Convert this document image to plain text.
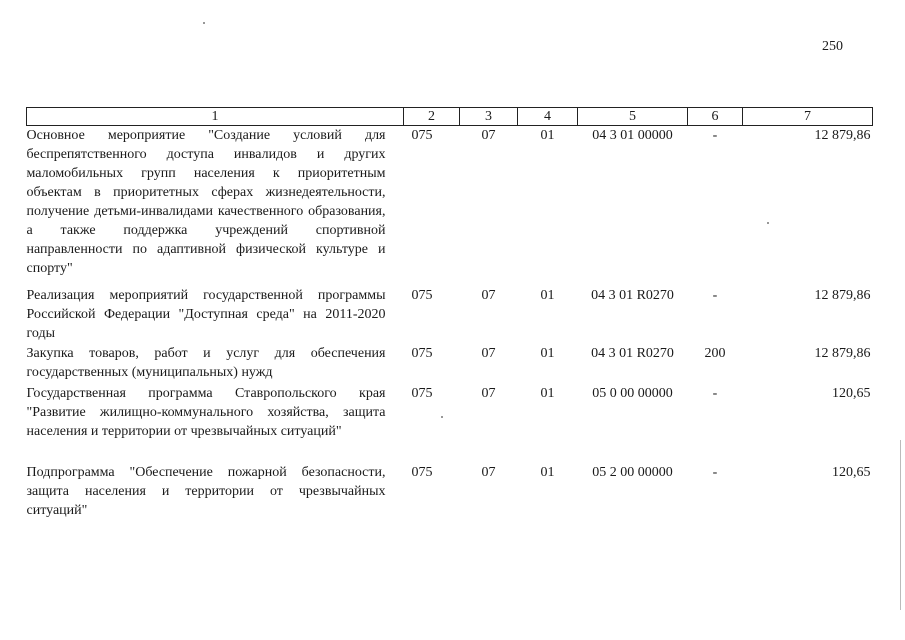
250
1	2	3	4	5	6	7
Основное мероприятие "Создание условий для беспрепятственного доступа инвалидов и других маломобильных групп населения к приоритетным объектам в приоритетных сферах жизнедеятельности, получение детьми-инвалидами качественного образования, а также поддержка учреждений спортивной направленности по адаптивной физической культуре и спорту"	075	07	01	04 3 01 00000	-	12 879,86
Реализация мероприятий государственной программы Российской Федерации "Доступная среда" на 2011-2020 годы	075	07	01	04 3 01 R0270	-	12 879,86
Закупка товаров, работ и услуг для обеспечения государственных (муниципальных) нужд	075	07	01	04 3 01 R0270	200	12 879,86
Государственная программа Ставропольского края "Развитие жилищно-коммунального хозяйства, защита населения и территории от чрезвычайных ситуаций"	075	07	01	05 0 00 00000	-	120,65
Подпрограмма "Обеспечение пожарной безопасности, защита населения и территории от чрезвычайных ситуаций"	075	07	01	05 2 00 00000	-	120,65
